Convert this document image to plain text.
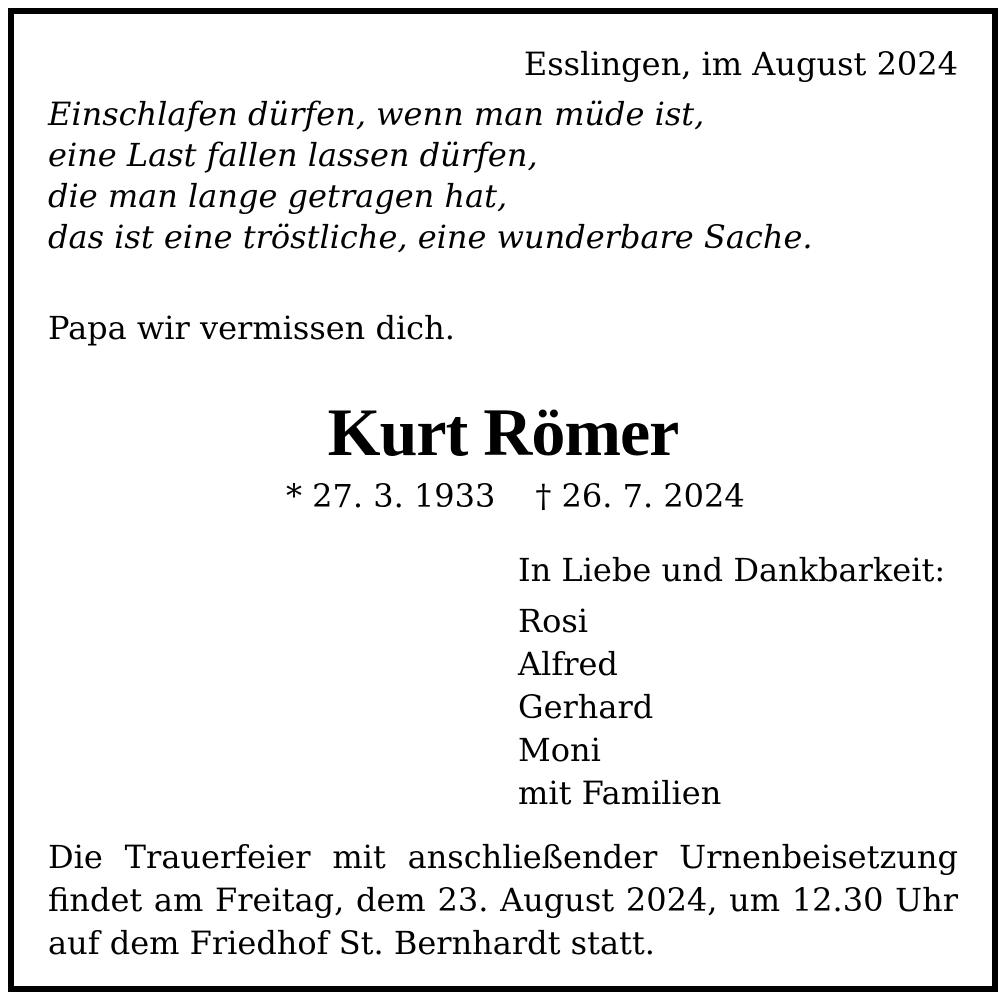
Esslingen, im August 2024
Einschlafen dürfen, wenn man müde ist,
eine Last fallen lassen dürfen,
die man lange getragen hat,
das ist eine tröstliche, eine wunderbare Sache.
Papa wir vermissen dich.
Kurt Römer
* 27. 3. 1933 † 26. 7. 2024
In Liebe und Dankbarkeit:
Rosi
Alfred
Gerhard
Moni
mit Familien
Die Trauerfeier mit anschließender Urnenbeisetzung
findet am Freitag, dem 23. August 2024, um 12.30 Uhr
auf dem Friedhof St. Bernhardt statt.
